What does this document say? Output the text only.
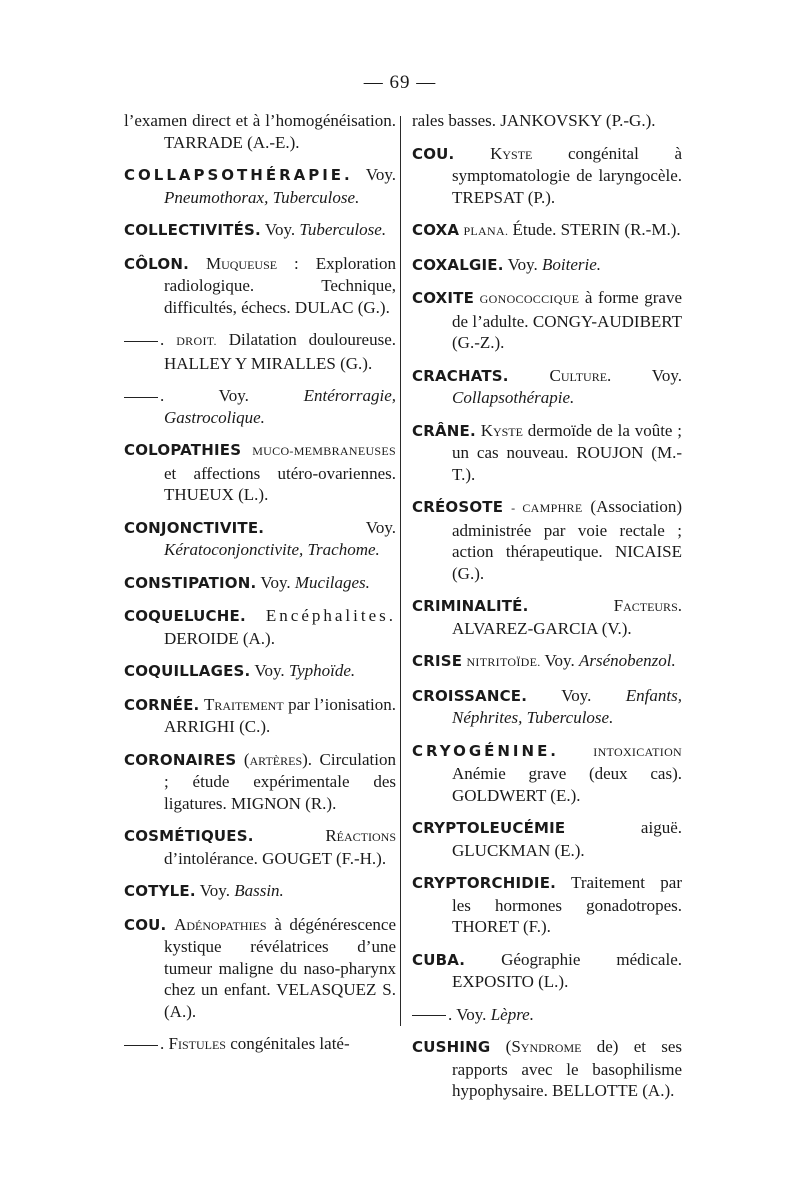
— 69 —

l’examen direct et à l’homogénéisation. TARRADE (A.-E.).

COLLAPSOTHÉRAPIE. Voy. Pneumothorax, Tuberculose.

COLLECTIVITÉS. Voy. Tuberculose.

CÔLON. Muqueuse : Exploration radiologique. Technique, difficultés, échecs. DULAC (G.).

. DROIT. Dilatation douloureuse. HALLEY Y MIRALLES (G.).

.	Voy.	Entérorragie, Gastrocolique.

COLOPATHIES MUCO-MEMBRANEUSES et affections utéro-ovariennes. THUEUX (L.).

CONJONCTIVITE.	Voy. Kératoconjonctivite, Trachome.

CONSTIPATION. Voy. Mucilages.

COQUELUCHE. Encéphalites. DEROIDE (A.).

COQUILLAGES. Voy. Typhoïde.

CORNÉE. Traitement par l’ionisation. ARRIGHI (C.).

CORONAIRES (artères). Circulation ; étude expérimentale des ligatures. MIGNON (R.).

COSMÉTIQUES.	Réactions d’intolérance. GOUGET (F.-H.).

COTYLE. Voy. Bassin.

COU. Adénopathies à dégénérescence kystique révélatrices d’une tumeur maligne du naso-pharynx chez un enfant. VELASQUEZ S. (A.).

. Fistules congénitales laté-

rales basses. JANKOVSKY (P.-G.).

COU. Kyste congénital à symptomatologie de laryngocèle. TREPSAT (P.).

COXA PLANA. Étude. STERIN (R.-M.).

COXALGIE. Voy. Boiterie.

COXITE GONOCOCCIQUE à forme grave de l’adulte. CONGY-AUDIBERT (G.-Z.).

CRACHATS. Culture. Voy. Collapsothérapie.

CRÂNE. Kyste dermoïde de la voûte ; un cas nouveau. ROUJON (M.-T.).

CRÉOSOTE - CAMPHRE (Association) administrée par voie rectale ; action thérapeutique. NICAISE (G.).

CRIMINALITÉ.	Facteurs. ALVAREZ-GARCIA (V.).

CRISE NITRITOÏDE. Voy. Arsénobenzol.

CROISSANCE. Voy. Enfants, Néphrites, Tuberculose.

CRYOGÉNINE.	INTOXICATION Anémie grave (deux cas). GOLDWERT (E.).

CRYPTOLEUCÉMIE aiguë. GLUCKMAN (E.).

CRYPTORCHIDIE. Traitement par les hormones gonadotropes. THORET (F.).

CUBA. Géographie médicale. EXPOSITO (L.).

. Voy. Lèpre.

CUSHING (Syndrome de) et ses rapports avec le basophilisme hypophysaire. BELLOTTE (A.).
